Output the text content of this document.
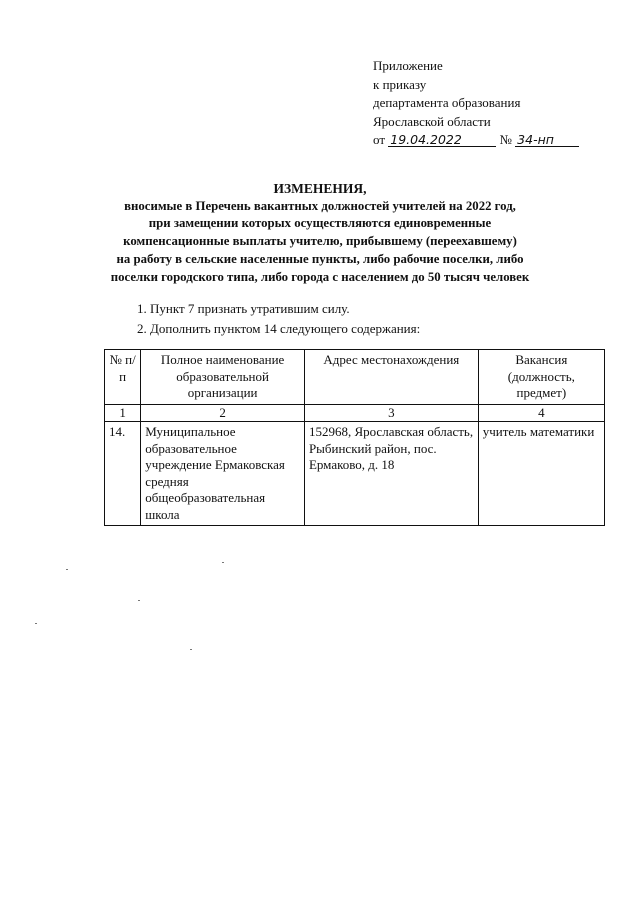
Приложение
к приказу
департамента образования
Ярославской области
от 19.04.2022	№ 34-нп
ИЗМЕНЕНИЯ,
вносимые в Перечень вакантных должностей учителей на 2022 год,
при замещении которых осуществляются единовременные
компенсационные выплаты учителю, прибывшему (переехавшему)
на работу в сельские населенные пункты, либо рабочие поселки, либо
поселки городского типа, либо города с населением до 50 тысяч человек
1. Пункт 7 признать утратившим силу.
2. Дополнить пунктом 14 следующего содержания:
№ п/п	Полное наименование образовательной организации	Адрес местонахождения	Вакансия (должность, предмет)
1	2	3	4
14.	Муниципальное образовательное учреждение Ермаковская средняя общеобразовательная школа	152968, Ярославская область, Рыбинский район, пос. Ермаково, д. 18	учитель математики
